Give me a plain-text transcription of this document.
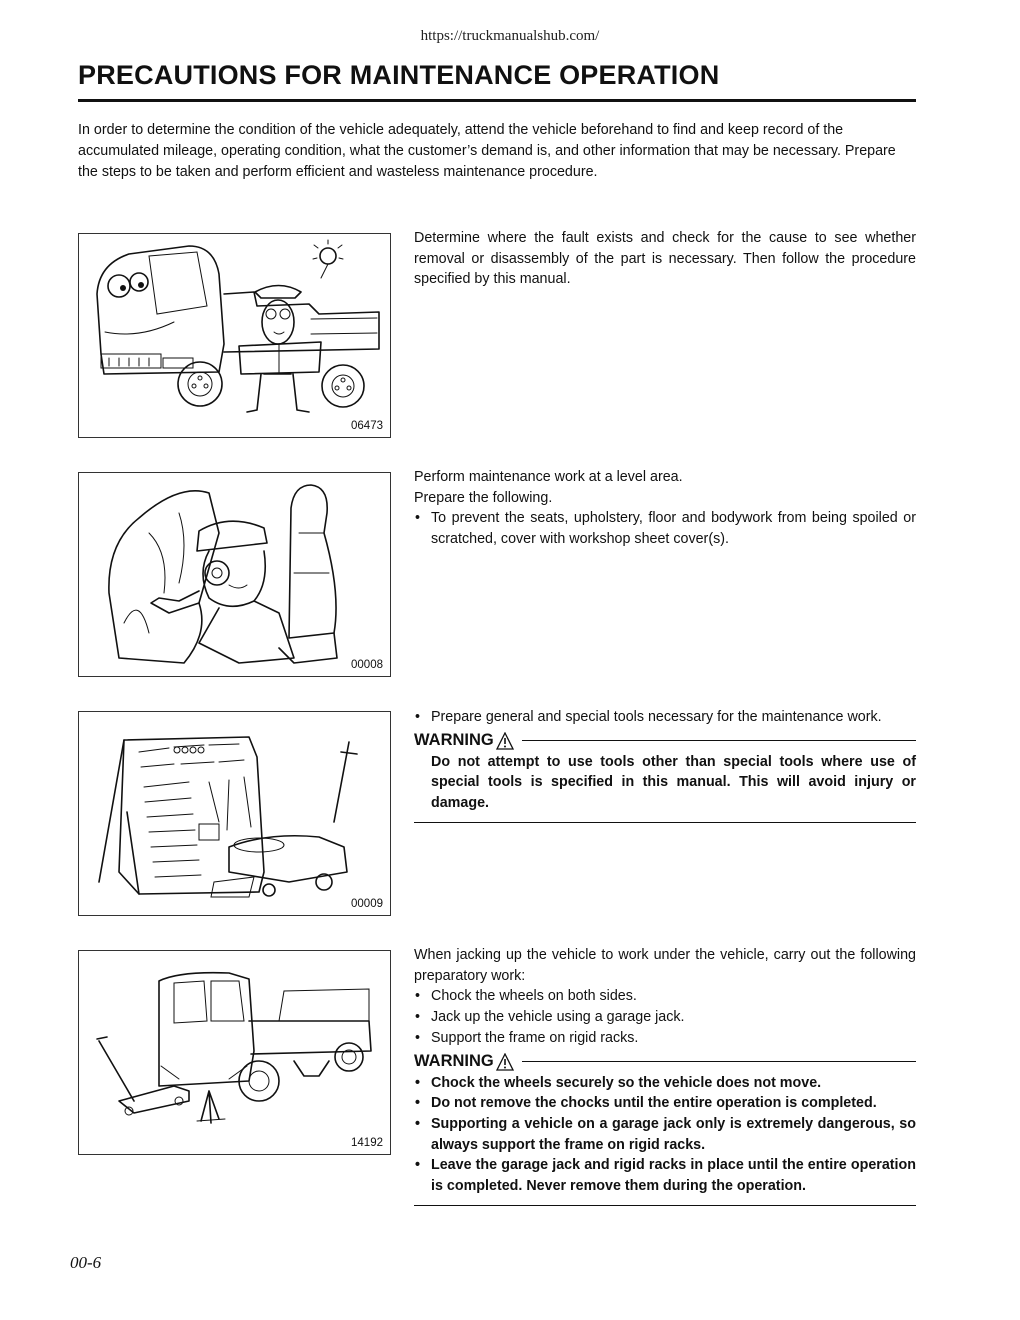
https://truckmanualshub.com/
PRECAUTIONS FOR MAINTENANCE OPERATION
In order to determine the condition of the vehicle adequately, attend the vehicle beforehand to find and keep record of the accumulated mileage, operating condition, what the customer’s demand is, and other information that may be necessary. Prepare the steps to be taken and perform efficient and wasteless maintenance procedure.
06473

Determine where the fault exists and check for the cause to see whether removal or disassembly of the part is necessary. Then follow the procedure specified by this manual.

00008

Perform maintenance work at a level area.

Prepare the following.

• To prevent the seats, upholstery, floor and bodywork from being spoiled or scratched, cover with workshop sheet cover(s).

00009

• Prepare general and special tools necessary for the maintenance work.

WARNING

Do not attempt to use tools other than special tools where use of special tools is specified in this manual. This will avoid injury or damage.

14192

When jacking up the vehicle to work under the vehicle, carry out the following preparatory work:

• Chock the wheels on both sides.

• Jack up the vehicle using a garage jack.

• Support the frame on rigid racks.

WARNING

• Chock the wheels securely so the vehicle does not move.

• Do not remove the chocks until the entire operation is completed.

• Supporting a vehicle on a garage jack only is extremely dangerous, so always support the frame on rigid racks.

• Leave the garage jack and rigid racks in place until the entire operation is completed. Never remove them during the operation.

00-6
